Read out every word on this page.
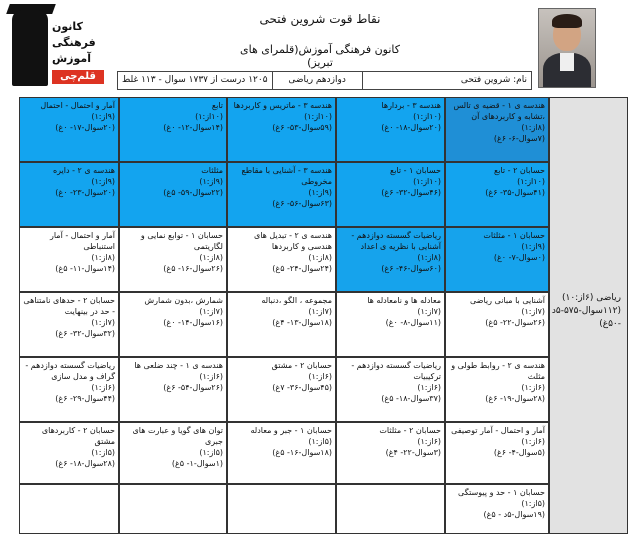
کانون
فرهنگی
آموزش
قلم‌چی
نقاط قوت شروین فتحی
کانون فرهنگی آموزش(قلمرای های تبریز)
نام: شروین فتحی
دوازدهم ریاضی
۱۲۰۵ درست از ۱۷۳۷ سوال - ۱۱۳ غلط
ریاضی (۶از:۱۰) (۱۱۲سوال-۵۷۵-۵د -۵۰غ)
هندسه ی ۱ - قضیه ی تالس ،تشابه و کاربردهای آن
(۸از:۱)
(۷سوال-۶- ۶غ)
هندسه ۳ - بردارها
(۱۰از:۱)
(۲۰سوال-۱۸- ۰غ)
هندسه ۳ - ماتریس و کاربردها
(۱۰از:۱)
(۵۹سوال-۵۳- ۶غ)
تابع
(۱۰از:۱)
(۱۴سوال-۱۲- ۰غ)
آمار و احتمال - احتمال
(۹از:۱)
(۲۰سوال-۱۷- ۰غ)
حسابان ۲ - تابع
(۱۰از:۱)
(۴۱سوال-۳۵- ۶غ)
حسابان ۱ - تابع
(۱۰از:۱)
(۴۶سوال-۳۲- ۶غ)
هندسه ۳ - آشنایی با مقاطع مخروطی
(۹از:۱)
(۶۳سوال-۵۶- ۶غ)
مثلثات
(۹از:۱)
(۲۲سوال-۵۹- ۵غ)
هندسه ی ۲ - دایره
(۹از:۱)
(۲۰سوال-۲۳- ۰غ)
حسابان ۱ - مثلثات
(۹از:۱)
(۰سوال-۷- ۰غ)
ریاضیات گسسته دوازدهم - آشنایی با نظریه ی اعداد
(۸از:۱)
(۶۰سوال-۴۶- ۶غ)
هندسه ی ۲ - تبدیل های هندسی و کاربردها
(۸از:۱)
(۲۴سوال-۲۴- ۵غ)
حسابان ۱ - توابع نمایی و لگاریتمی
(۸از:۱)
(۲۶سوال-۱۶- ۵غ)
آمار و احتمال - آمار استنباطی
(۸از:۱)
(۱۴سوال-۱۱- ۵غ)
آشنایی با مبانی ریاضی
(۷از:۱)
(۲۶سوال-۲۲- ۵غ)
معادله ها و نامعادله ها
(۷از:۱)
(۱۱سوال-۸- ۰غ)
مجموعه ، الگو ،دنباله
(۷از:۱)
(۱۸سوال-۱۳- ۴غ)
شمارش ،بدون شمارش
(۷از:۱)
(۱۶سوال-۱۴- ۰غ)
حسابان ۲ - حدهای نامتناهی - حد در بینهایت
(۷از:۱)
(۳۲سوال-۳۲- ۶غ)
هندسه ی ۲ - روابط طولی و مثلث
(۶از:۱)
(۲۸سوال-۱۹- ۶غ)
ریاضیات گسسته دوازدهم - ترکیبیات
(۶از:۱)
(۳۷سوال-۱۸- ۵غ)
حسابان ۲ - مشتق
(۶از:۱)
(۴۵سوال-۳۶- ۷غ)
هندسه ی ۱ - چند ضلعی ها
(۶از:۱)
(۲۶سوال-۵۴- ۶غ)
ریاضیات گسسته دوازدهم - گراف و مدل سازی
(۶از:۱)
(۴۴سوال-۲۹- ۶غ)
آمار و احتمال - آمار توصیفی
(۶از:۱)
(۵سوال-۴- ۶غ)
حسابان ۲ - مثلثات
(۶از:۱)
(۳سوال-۲۲- ۴غ)
حسابان ۱ - جبر و معادله
(۵از:۱)
(۱۸سوال-۱۶- ۵غ)
توان های گویا و عبارت های جبری
(۵از:۱)
(۱سوال-۱- ۵غ)
حسابان ۲ - کاربردهای مشتق
(۵از:۱)
(۲۸سوال-۱۸- ۶غ)
حسابان ۱ - حد و پیوستگی
(۵از:۱)
(۱۹سوال-۵د - ۵غ)
